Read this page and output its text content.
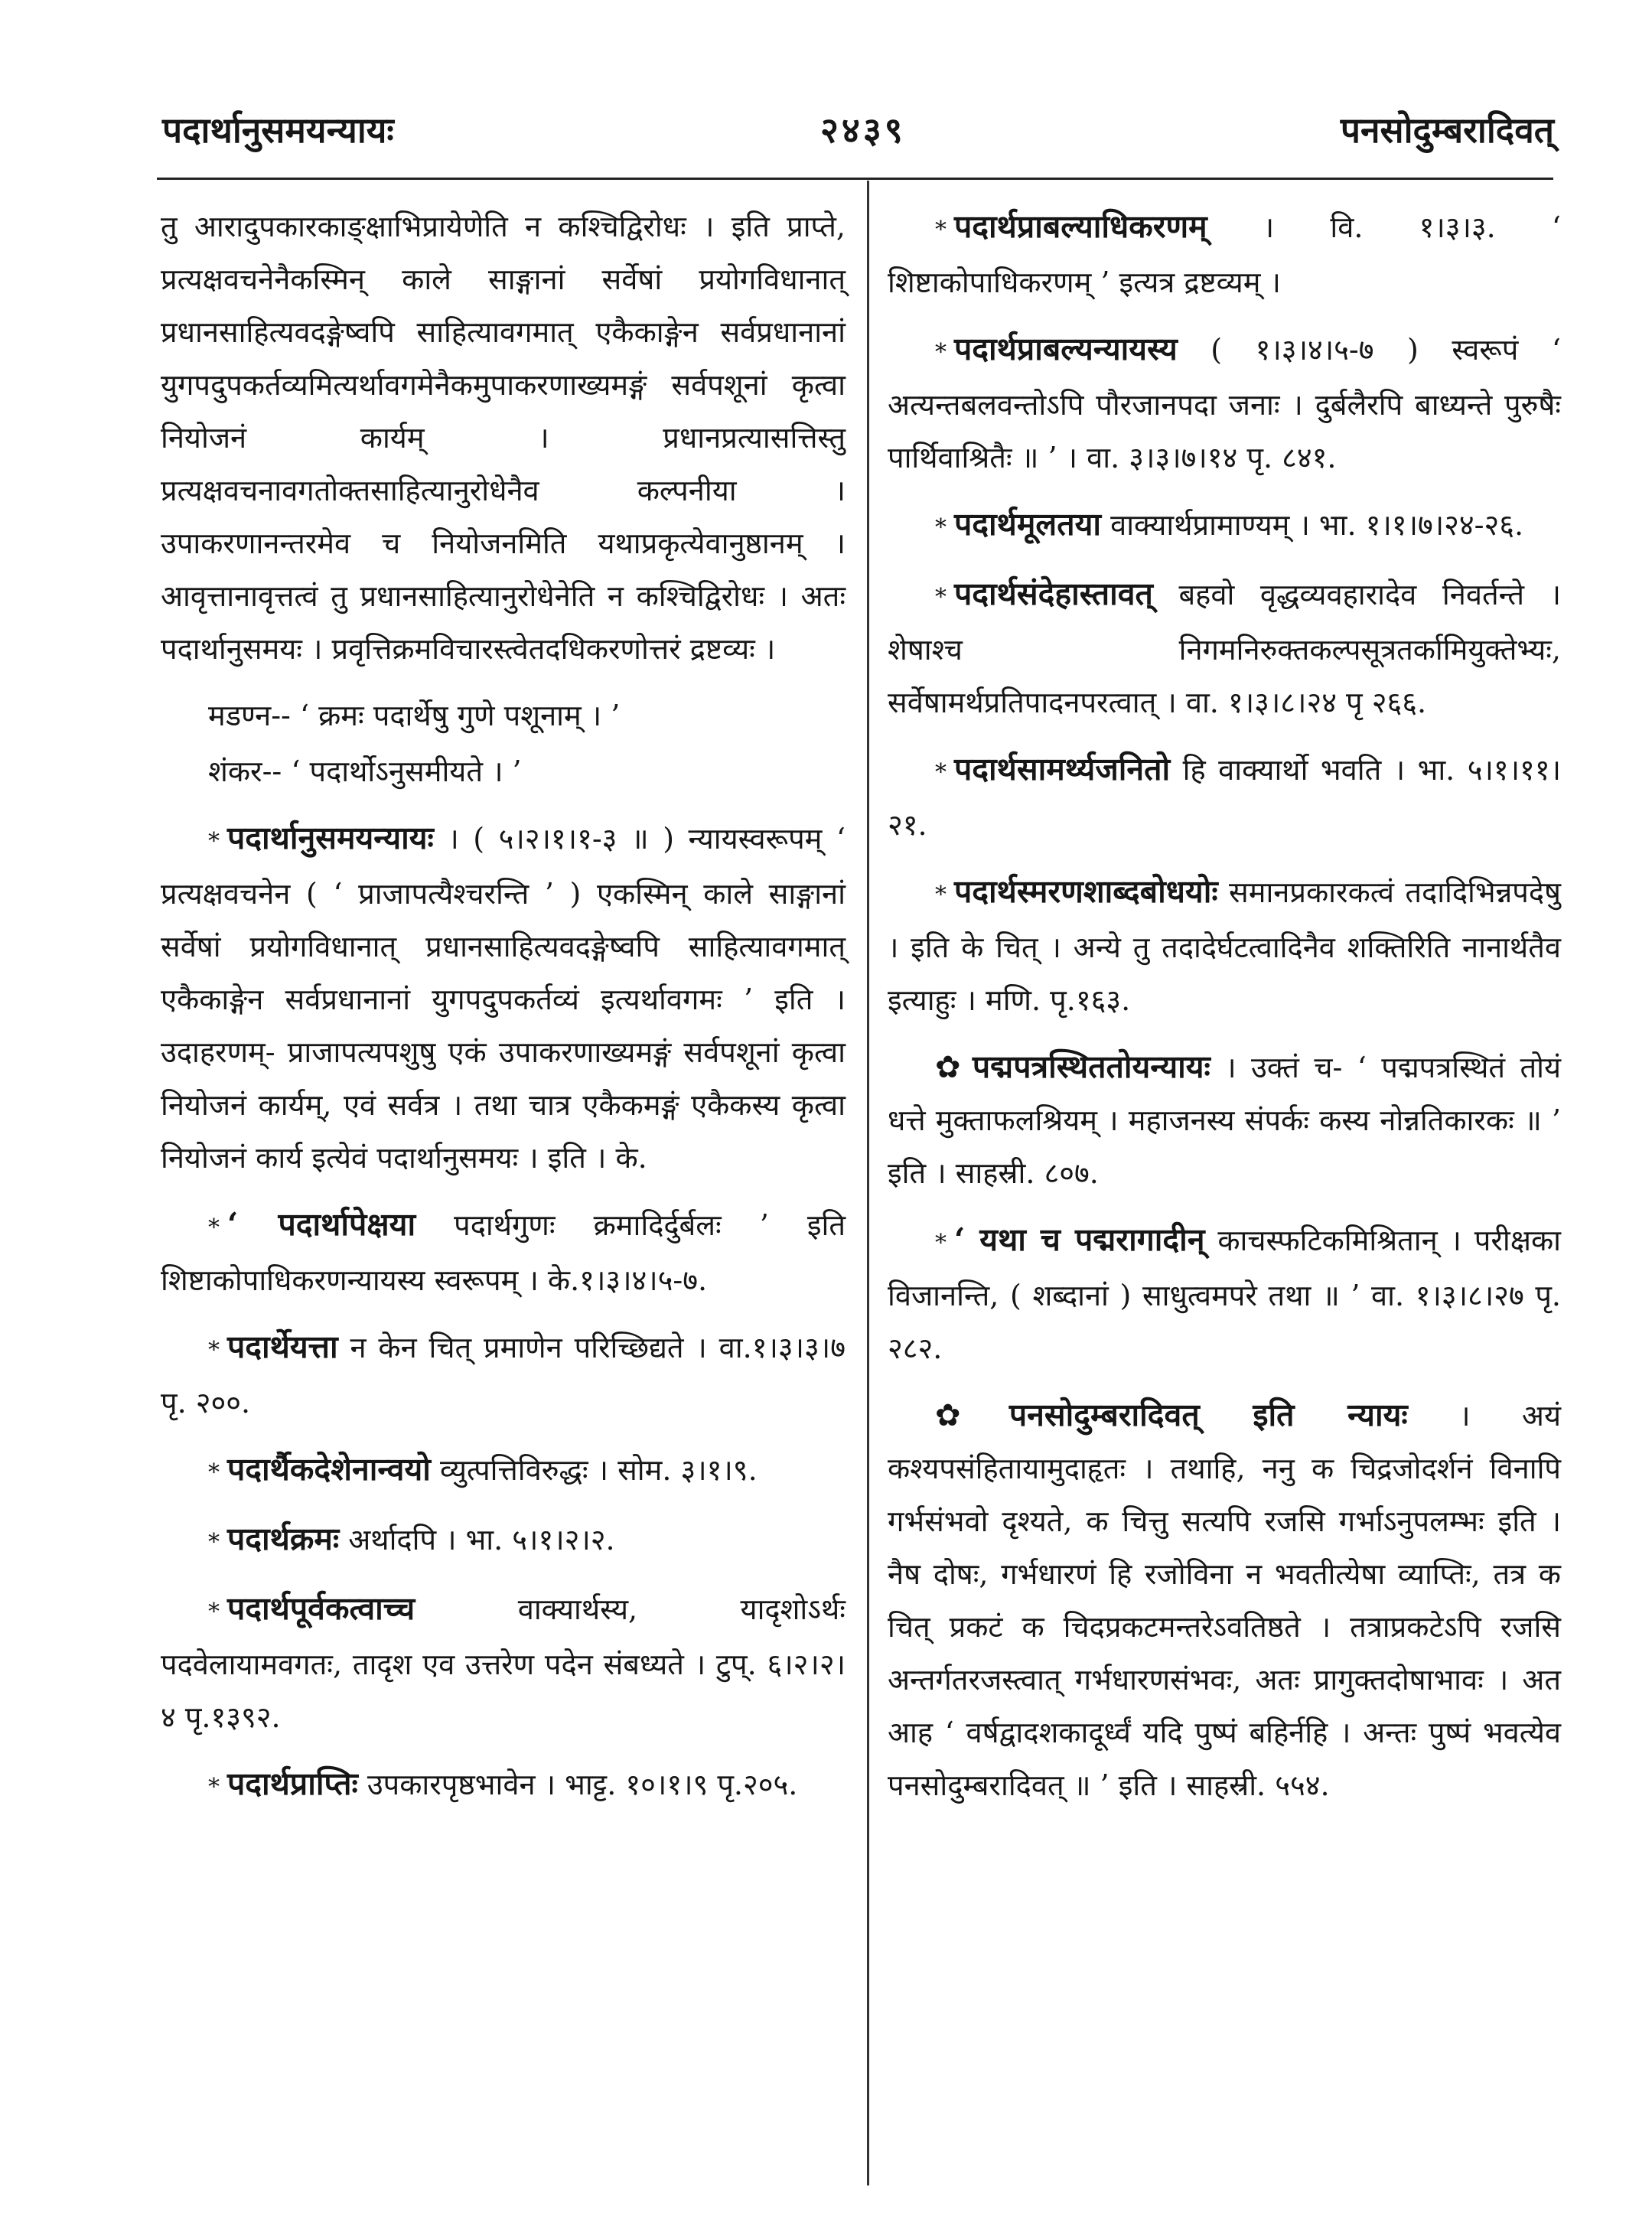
पदार्थानुसमयन्यायः	२४३९	पनसोदुम्बरादिवत्

तु आरादुपकारकाङ्क्षाभिप्रायेणेति न कश्चिद्विरोधः । इति प्राप्ते, प्रत्यक्षवचनेनैकस्मिन् काले साङ्गानां सर्वेषां प्रयोगविधानात् प्रधानसाहित्यवदङ्गेष्वपि साहित्यावगमात् एकैकाङ्गेन सर्वप्रधानानां युगपदुपकर्तव्यमित्यर्थावगमेनैकमुपाकरणाख्यमङ्गं सर्वपशूनां कृत्वा नियोजनं कार्यम् । प्रधानप्रत्यासत्तिस्तु प्रत्यक्षवचनावगतोक्तसाहित्यानुरोधेनैव कल्पनीया । उपाकरणानन्तरमेव च नियोजनमिति यथाप्रकृत्येवानुष्ठानम् । आवृत्तानावृत्तत्वं तु प्रधानसाहित्यानुरोधेनेति न कश्चिद्विरोधः । अतः पदार्थानुसमयः । प्रवृत्तिक्रमविचारस्त्वेतदधिकरणोत्तरं द्रष्टव्यः ।

मडण्न-- ‘ क्रमः पदार्थेषु गुणे पशूनाम् । ’

शंकर-- ‘ पदार्थोऽनुसमीयते । ’

* पदार्थानुसमयन्यायः । ( ५।२।१।१-३ ॥ ) न्यायस्वरूपम् ‘ प्रत्यक्षवचनेन ( ‘ प्राजापत्यैश्चरन्ति ’ ) एकस्मिन् काले साङ्गानां सर्वेषां प्रयोगविधानात् प्रधानसाहित्यवदङ्गेष्वपि साहित्यावगमात् एकैकाङ्गेन सर्वप्रधानानां युगपदुपकर्तव्यं इत्यर्थावगमः ’ इति । उदाहरणम्- प्राजापत्यपशुषु एकं उपाकरणाख्यमङ्गं सर्वपशूनां कृत्वा नियोजनं कार्यम्, एवं सर्वत्र । तथा चात्र एकैकमङ्गं एकैकस्य कृत्वा नियोजनं कार्य इत्येवं पदार्थानुसमयः । इति । के.

* ‘ पदार्थापेक्षया पदार्थगुणः क्रमादिर्दुर्बलः ’ इति शिष्टाकोपाधिकरणन्यायस्य स्वरूपम् । के.१।३।४।५-७.

* पदार्थेयत्ता न केन चित् प्रमाणेन परिच्छिद्यते । वा.१।३।३।७ पृ. २००.

* पदार्थैकदेशेनान्वयो व्युत्पत्तिविरुद्धः । सोम. ३।१।९.

* पदार्थक्रमः अर्थादपि । भा. ५।१।२।२.

* पदार्थपूर्वकत्वाच्च	वाक्यार्थस्य, यादृशोऽर्थः पदवेलायामवगतः, तादृश एव उत्तरेण पदेन संबध्यते । टुप्. ६।२।२।४ पृ.१३९२.

* पदार्थप्राप्तिः उपकारपृष्ठभावेन । भाट्ट. १०।१।९ पृ.२०५.

* पदार्थप्राबल्याधिकरणम् । वि. १।३।३. ‘ शिष्टाकोपाधिकरणम् ’ इत्यत्र द्रष्टव्यम् ।

* पदार्थप्राबल्यन्यायस्य ( १।३।४।५-७ ) स्वरूपं ‘ अत्यन्तबलवन्तोऽपि पौरजानपदा जनाः । दुर्बलैरपि बाध्यन्ते पुरुषैः पार्थिवाश्रितैः ॥ ’ । वा. ३।३।७।१४ पृ. ८४१.

* पदार्थमूलतया वाक्यार्थप्रामाण्यम् । भा. १।१।७।२४-२६.

* पदार्थसंदेहास्तावत् बहवो वृद्धव्यवहारादेव निवर्तन्ते । शेषाश्च निगमनिरुक्तकल्पसूत्रतर्कामियुक्तेभ्यः, सर्वेषामर्थप्रतिपादनपरत्वात् । वा. १।३।८।२४ पृ २६६.

* पदार्थसामर्थ्यजनितो हि वाक्यार्थो भवति । भा. ५।१।११।२१.

* पदार्थस्मरणशाब्दबोधयोः समानप्रकारकत्वं तदादिभिन्नपदेषु । इति के चित् । अन्ये तु तदादेर्घटत्वादिनैव शक्तिरिति नानार्थतैव इत्याहुः । मणि. पृ.१६३.

✿ पद्मपत्रस्थिततोयन्यायः । उक्तं च- ‘ पद्मपत्रस्थितं तोयं धत्ते मुक्ताफलश्रियम् । महाजनस्य संपर्कः कस्य नोन्नतिकारकः ॥ ’ इति । साहस्री. ८०७.

* ‘ यथा च पद्मरागादीन् काचस्फटिकमिश्रितान् । परीक्षका विजानन्ति, ( शब्दानां ) साधुत्वमपरे तथा ॥ ’ वा. १।३।८।२७ पृ. २८२.

✿ पनसोदुम्बरादिवत् इति न्यायः । अयं कश्यपसंहितायामुदाहृतः । तथाहि, ननु क चिद्रजोदर्शनं विनापि गर्भसंभवो दृश्यते, क चित्तु सत्यपि रजसि गर्भाऽनुपलम्भः इति । नैष दोषः, गर्भधारणं हि रजोविना न भवतीत्येषा व्याप्तिः, तत्र क चित् प्रकटं क चिदप्रकटमन्तरेऽवतिष्ठते । तत्राप्रकटेऽपि रजसि अन्तर्गतरजस्त्वात् गर्भधारणसंभवः, अतः प्रागुक्तदोषाभावः । अत आह ‘ वर्षद्वादशकादूर्ध्वं यदि पुष्पं बहिर्नहि । अन्तः पुष्पं भवत्येव पनसोदुम्बरादिवत् ॥ ’ इति । साहस्री. ५५४.
